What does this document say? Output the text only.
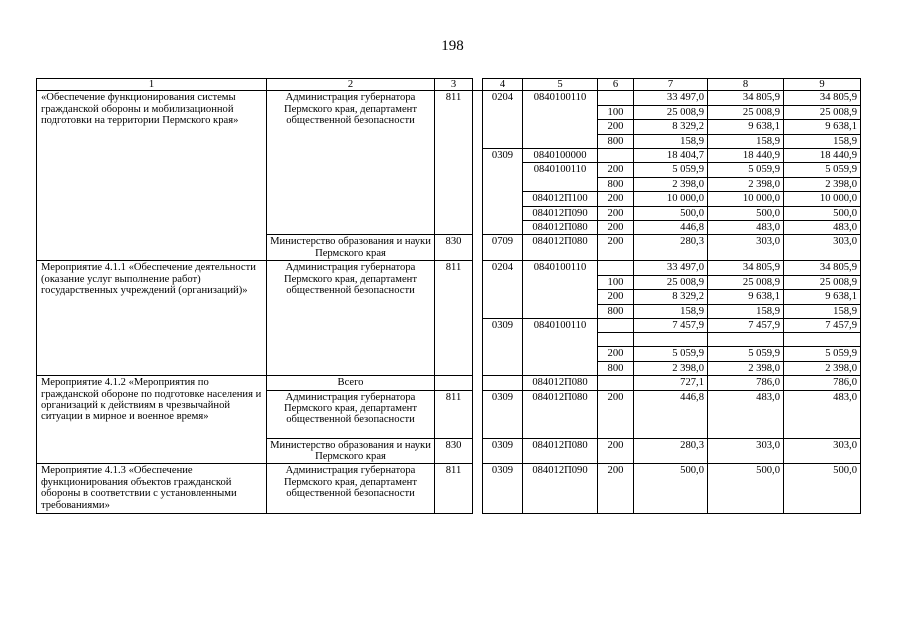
198
1	2	3		4	5	6	7	8	9
«Обеспечение функционирования системы гражданской обороны и мобилизационной подготовки на территории Пермского края»	Администрация губернатора Пермского края, департамент общественной безопасности	811		0204	0840100110		33 497,0	34 805,9	34 805,9
						100	25 008,9	25 008,9	25 008,9
						200	8 329,2	9 638,1	9 638,1
						800	158,9	158,9	158,9
				0309	0840100000		18 404,7	18 440,9	18 440,9
					0840100110	200	5 059,9	5 059,9	5 059,9
						800	2 398,0	2 398,0	2 398,0
					084012П100	200	10 000,0	10 000,0	10 000,0
					084012П090	200	500,0	500,0	500,0
					084012П080	200	446,8	483,0	483,0
	Министерство образования и науки Пермского края	830		0709	084012П080	200	280,3	303,0	303,0

Мероприятие 4.1.1 «Обеспечение деятельности (оказание услуг выполнение работ) государственных учреждений (организаций)»	Администрация губернатора Пермского края, департамент общественной безопасности	811		0204	0840100110		33 497,0	34 805,9	34 805,9
						100	25 008,9	25 008,9	25 008,9
						200	8 329,2	9 638,1	9 638,1
						800	158,9	158,9	158,9
				0309	0840100110		7 457,9	7 457,9	7 457,9

						200	5 059,9	5 059,9	5 059,9
						800	2 398,0	2 398,0	2 398,0
Мероприятие 4.1.2 «Мероприятия по гражданской обороне по подготовке населения и организаций к действиям в чрезвычайной ситуации в мирное и военное время»	Всего				084012П080		727,1	786,0	786,0
	Администрация губернатора Пермского края, департамент общественной безопасности	811		0309	084012П080	200	446,8	483,0	483,0

	Министерство образования и науки Пермского края	830		0309	084012П080	200	280,3	303,0	303,0

Мероприятие 4.1.3 «Обеспечение функционирования объектов гражданской обороны в соответствии с установленными требованиями»	Администрация губернатора Пермского края, департамент общественной безопасности	811		0309	084012П090	200	500,0	500,0	500,0
